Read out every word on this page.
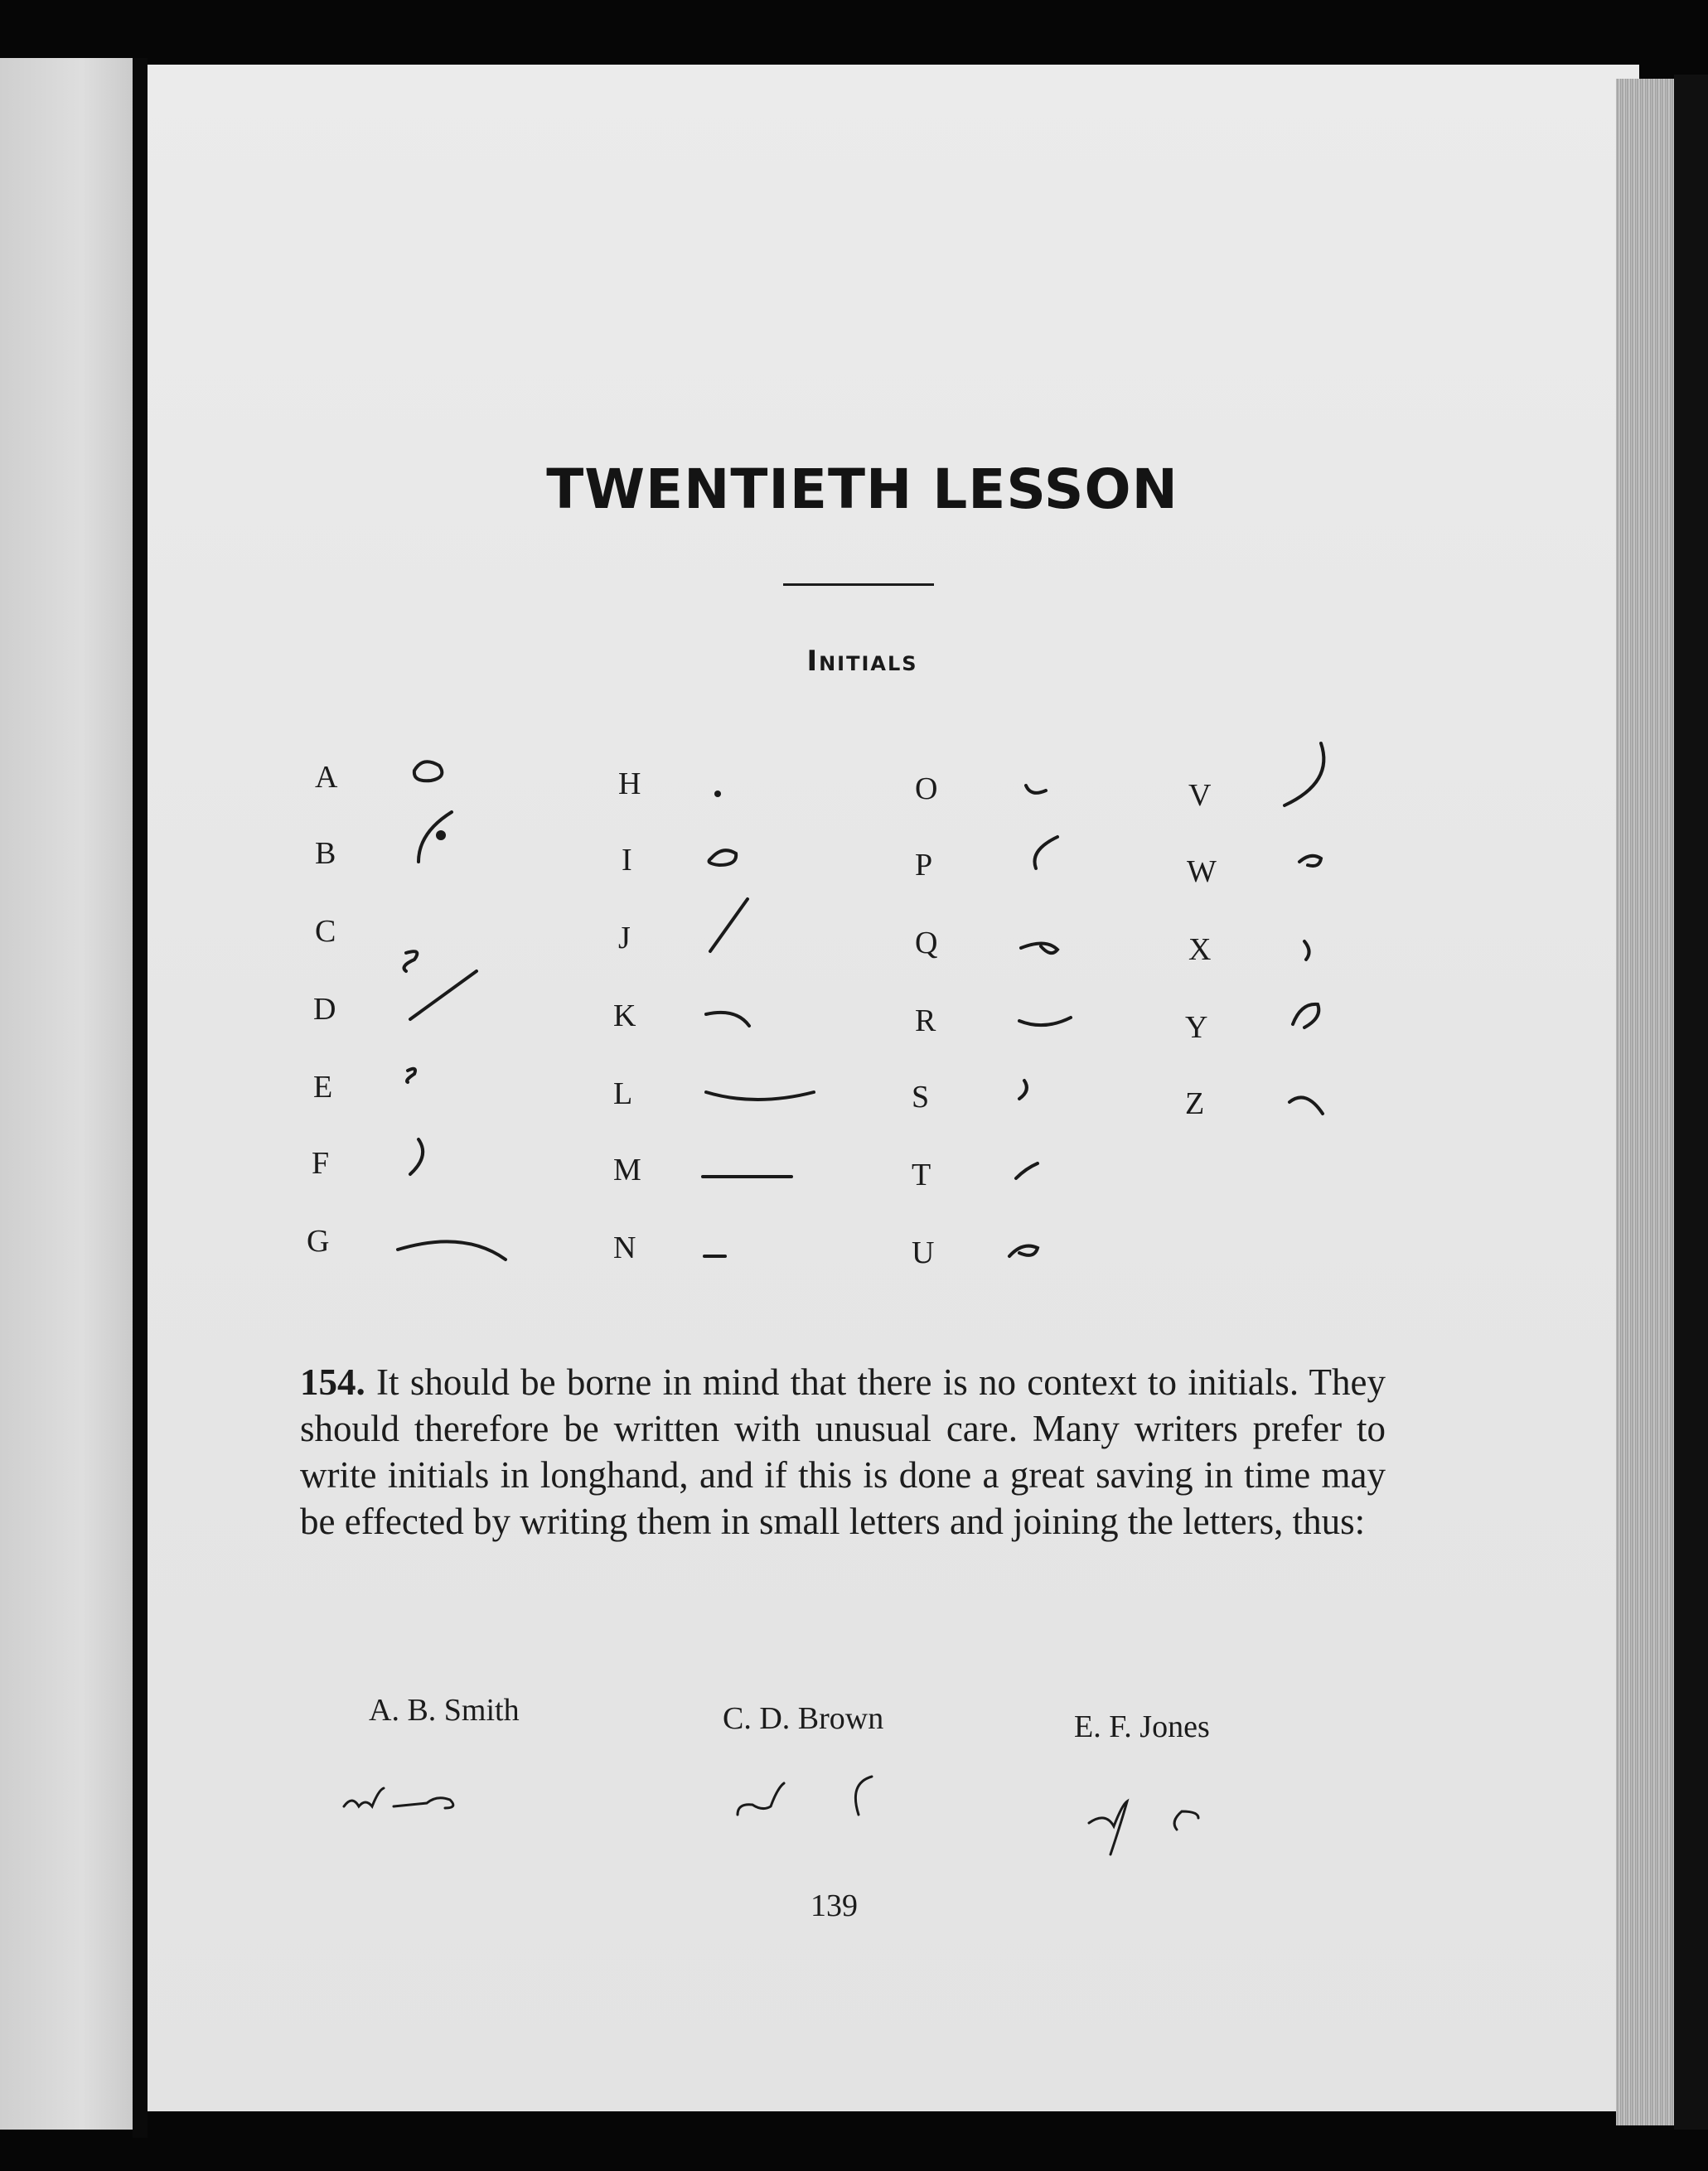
TWENTIETH LESSON
Initials
A
B
C
D
E
F
G
H
I
J
K
L
M
N
O
P
Q
R
S
T
U
V
W
X
Y
Z

154. It should be borne in mind that there is no context to initials. They should therefore be written with unusual care. Many writers prefer to write initials in longhand, and if this is done a great saving in time may be effected by writing them in small letters and joining the letters, thus:

A. B. Smith	C. D. Brown	E. F. Jones
139
